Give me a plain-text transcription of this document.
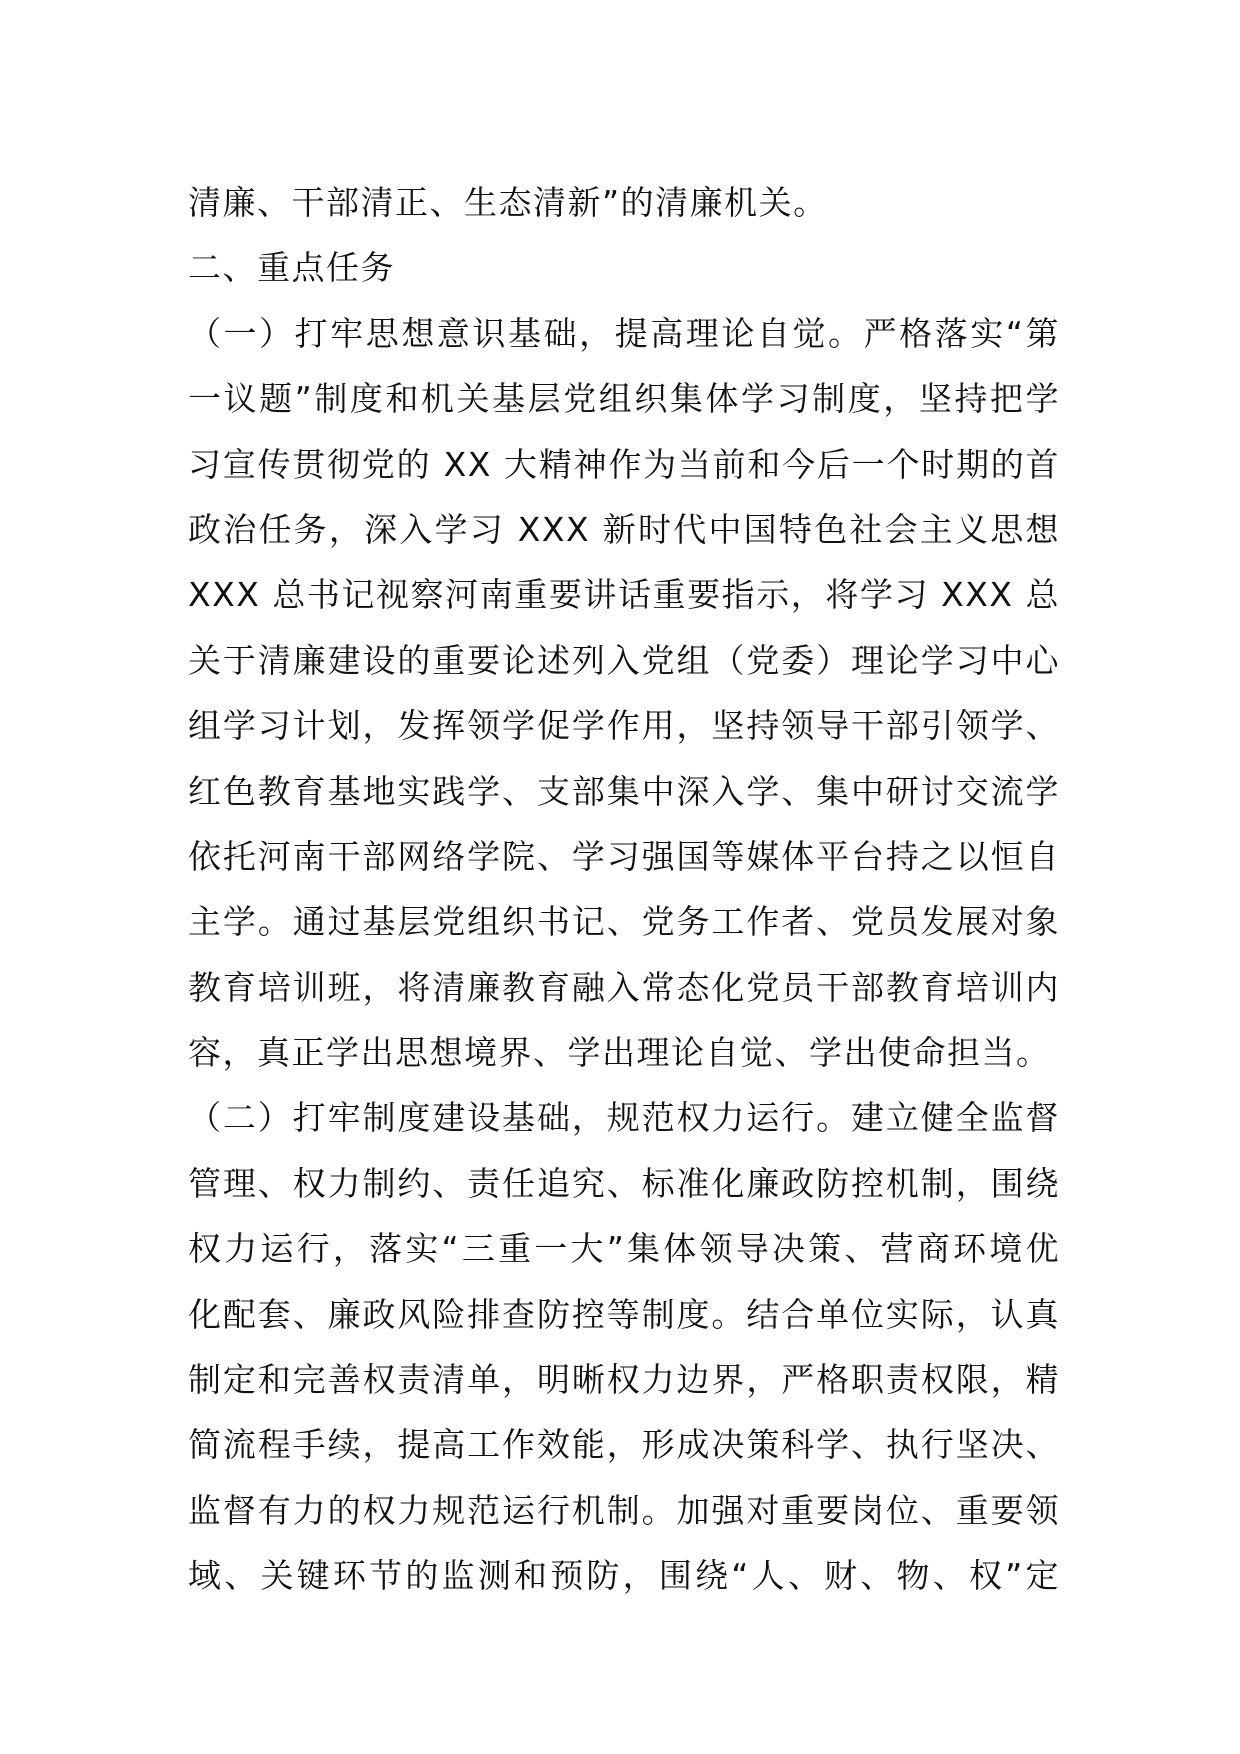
清廉、干部清正、生态清新”的清廉机关。
二、重点任务
（一）打牢思想意识基础，提高理论自觉。严格落实“第
一议题”制度和机关基层党组织集体学习制度，坚持把学
习宣传贯彻党的 XX 大精神作为当前和今后一个时期的首
政治任务，深入学习 XXX 新时代中国特色社会主义思想
XXX 总书记视察河南重要讲话重要指示，将学习 XXX 总
关于清廉建设的重要论述列入党组（党委）理论学习中心
组学习计划，发挥领学促学作用，坚持领导干部引领学、
红色教育基地实践学、支部集中深入学、集中研讨交流学
依托河南干部网络学院、学习强国等媒体平台持之以恒自
主学。通过基层党组织书记、党务工作者、党员发展对象
教育培训班，将清廉教育融入常态化党员干部教育培训内
容，真正学出思想境界、学出理论自觉、学出使命担当。
（二）打牢制度建设基础，规范权力运行。建立健全监督
管理、权力制约、责任追究、标准化廉政防控机制，围绕
权力运行，落实“三重一大”集体领导决策、营商环境优
化配套、廉政风险排查防控等制度。结合单位实际，认真
制定和完善权责清单，明晰权力边界，严格职责权限，精
简流程手续，提高工作效能，形成决策科学、执行坚决、
监督有力的权力规范运行机制。加强对重要岗位、重要领
域、关键环节的监测和预防，围绕“人、财、物、权”定
